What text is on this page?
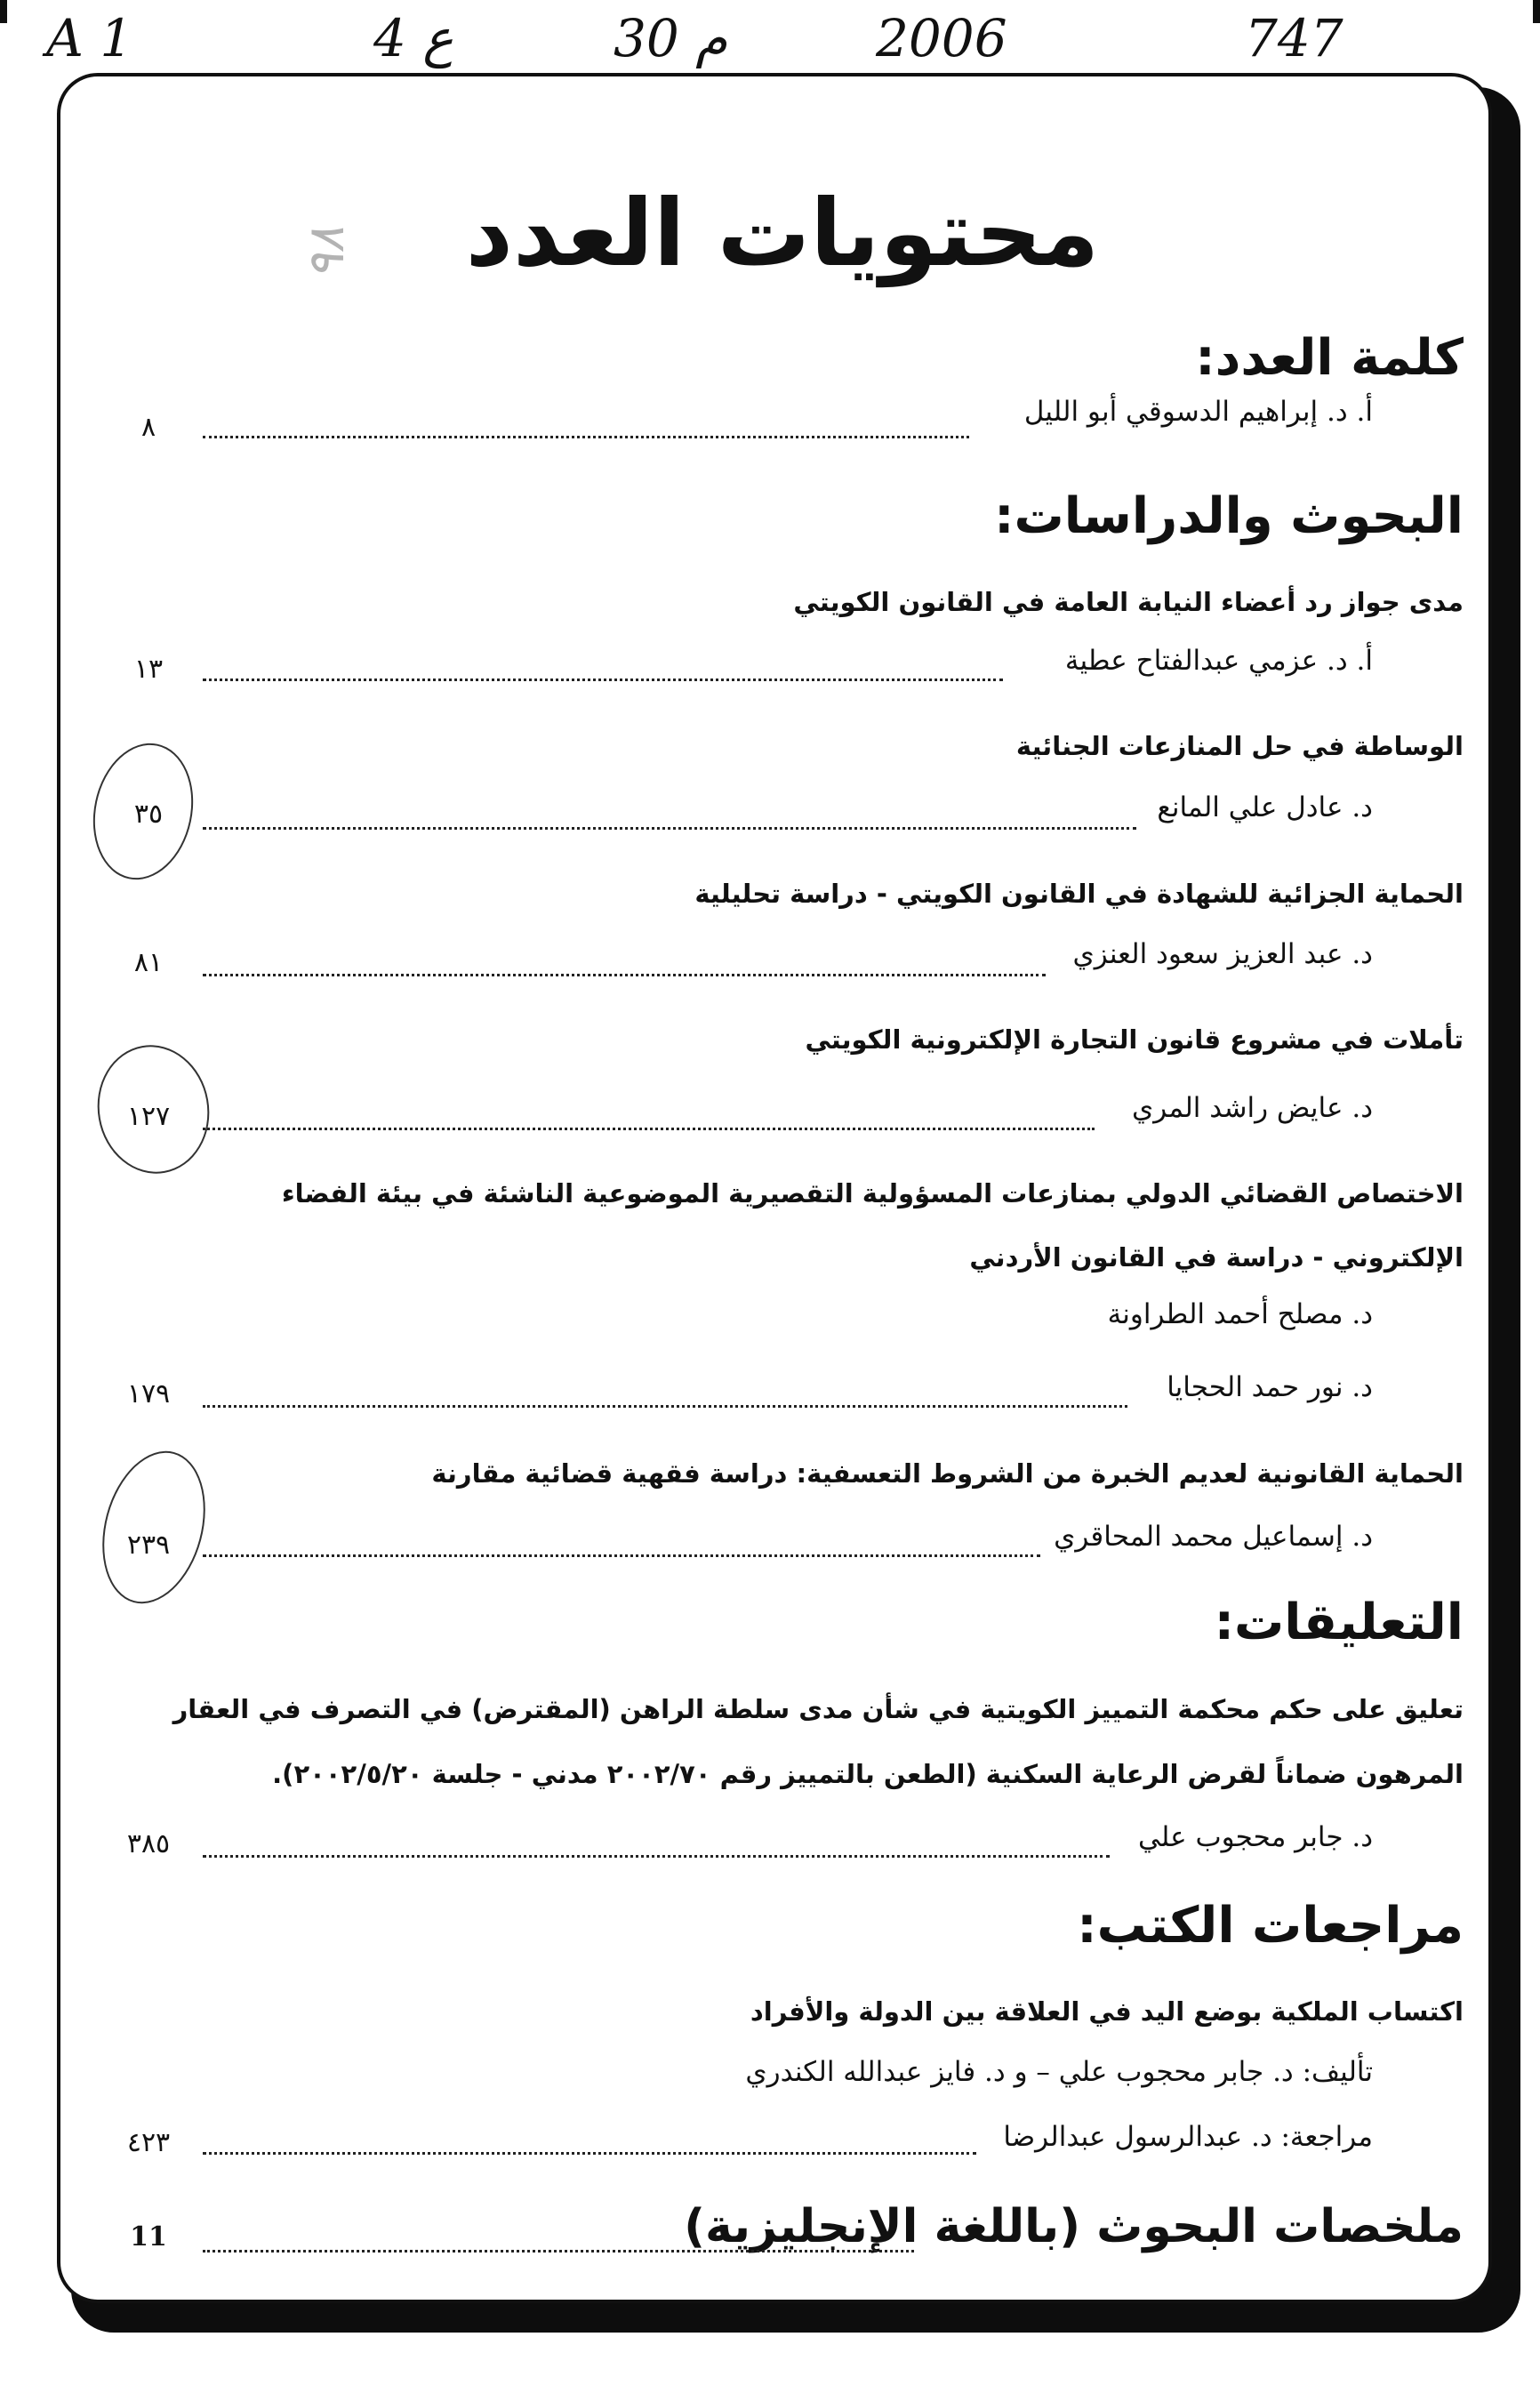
A 1	4 ع	30 م	2006	747
٩٨	محتويات العدد
كلمة العدد:
أ. د. إبراهيم الدسوقي أبو الليل
٨
البحوث والدراسات:
مدى جواز رد أعضاء النيابة العامة في القانون الكويتي
أ. د. عزمي عبدالفتاح عطية
١٣
الوساطة في حل المنازعات الجنائية
د. عادل علي المانع
٣٥
الحماية الجزائية للشهادة في القانون الكويتي - دراسة تحليلية
د. عبد العزيز سعود العنزي
٨١
تأملات في مشروع قانون التجارة الإلكترونية الكويتي
د. عايض راشد المري
١٢٧
الاختصاص القضائي الدولي بمنازعات المسؤولية التقصيرية الموضوعية الناشئة في بيئة الفضاء
الإلكتروني - دراسة في القانون الأردني
د. مصلح أحمد الطراونة
د. نور حمد الحجايا
١٧٩
الحماية القانونية لعديم الخبرة من الشروط التعسفية: دراسة فقهية قضائية مقارنة
د. إسماعيل محمد المحاقري
٢٣٩
التعليقات:
تعليق على حكم محكمة التمييز الكويتية في شأن مدى سلطة الراهن (المقترض) في التصرف في العقار
المرهون ضماناً لقرض الرعاية السكنية (الطعن بالتمييز رقم ٢٠٠٢/٧٠ مدني - جلسة ٢٠٠٢/٥/٢٠).
د. جابر محجوب علي
٣٨٥
مراجعات الكتب:
اكتساب الملكية بوضع اليد في العلاقة بين الدولة والأفراد
تأليف: د. جابر محجوب علي – و د. فايز عبدالله الكندري
مراجعة: د. عبدالرسول عبدالرضا
٤٢٣
ملخصات البحوث (باللغة الإنجليزية)
11
